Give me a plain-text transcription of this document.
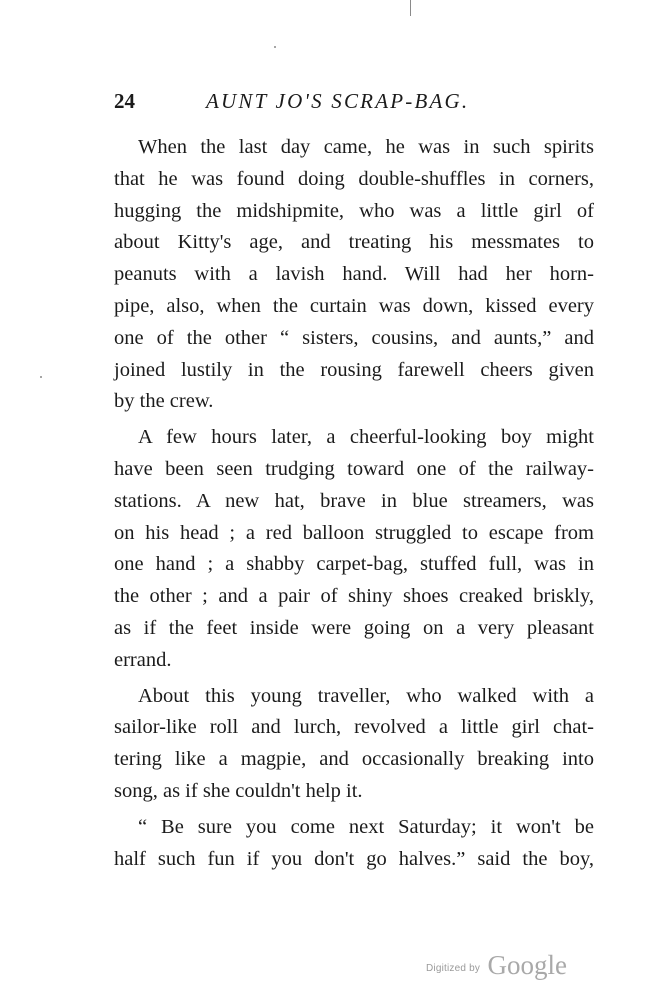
24	AUNT JO'S SCRAP-BAG.
When the last day came, he was in such spirits
that he was found doing double-shuffles in corners,
hugging the midshipmite, who was a little girl of
about Kitty's age, and treating his messmates to
peanuts with a lavish hand. Will had her horn-
pipe, also, when the curtain was down, kissed every
one of the other “ sisters, cousins, and aunts,” and
joined lustily in the rousing farewell cheers given
by the crew.
A few hours later, a cheerful-looking boy might
have been seen trudging toward one of the railway-
stations. A new hat, brave in blue streamers, was
on his head ; a red balloon struggled to escape from
one hand ; a shabby carpet-bag, stuffed full, was in
the other ; and a pair of shiny shoes creaked briskly,
as if the feet inside were going on a very pleasant
errand.
About this young traveller, who walked with a
sailor-like roll and lurch, revolved a little girl chat-
tering like a magpie, and occasionally breaking into
song, as if she couldn't help it.
“ Be sure you come next Saturday; it won't be
half such fun if you don't go halves.” said the boy,
Digitized by Google
